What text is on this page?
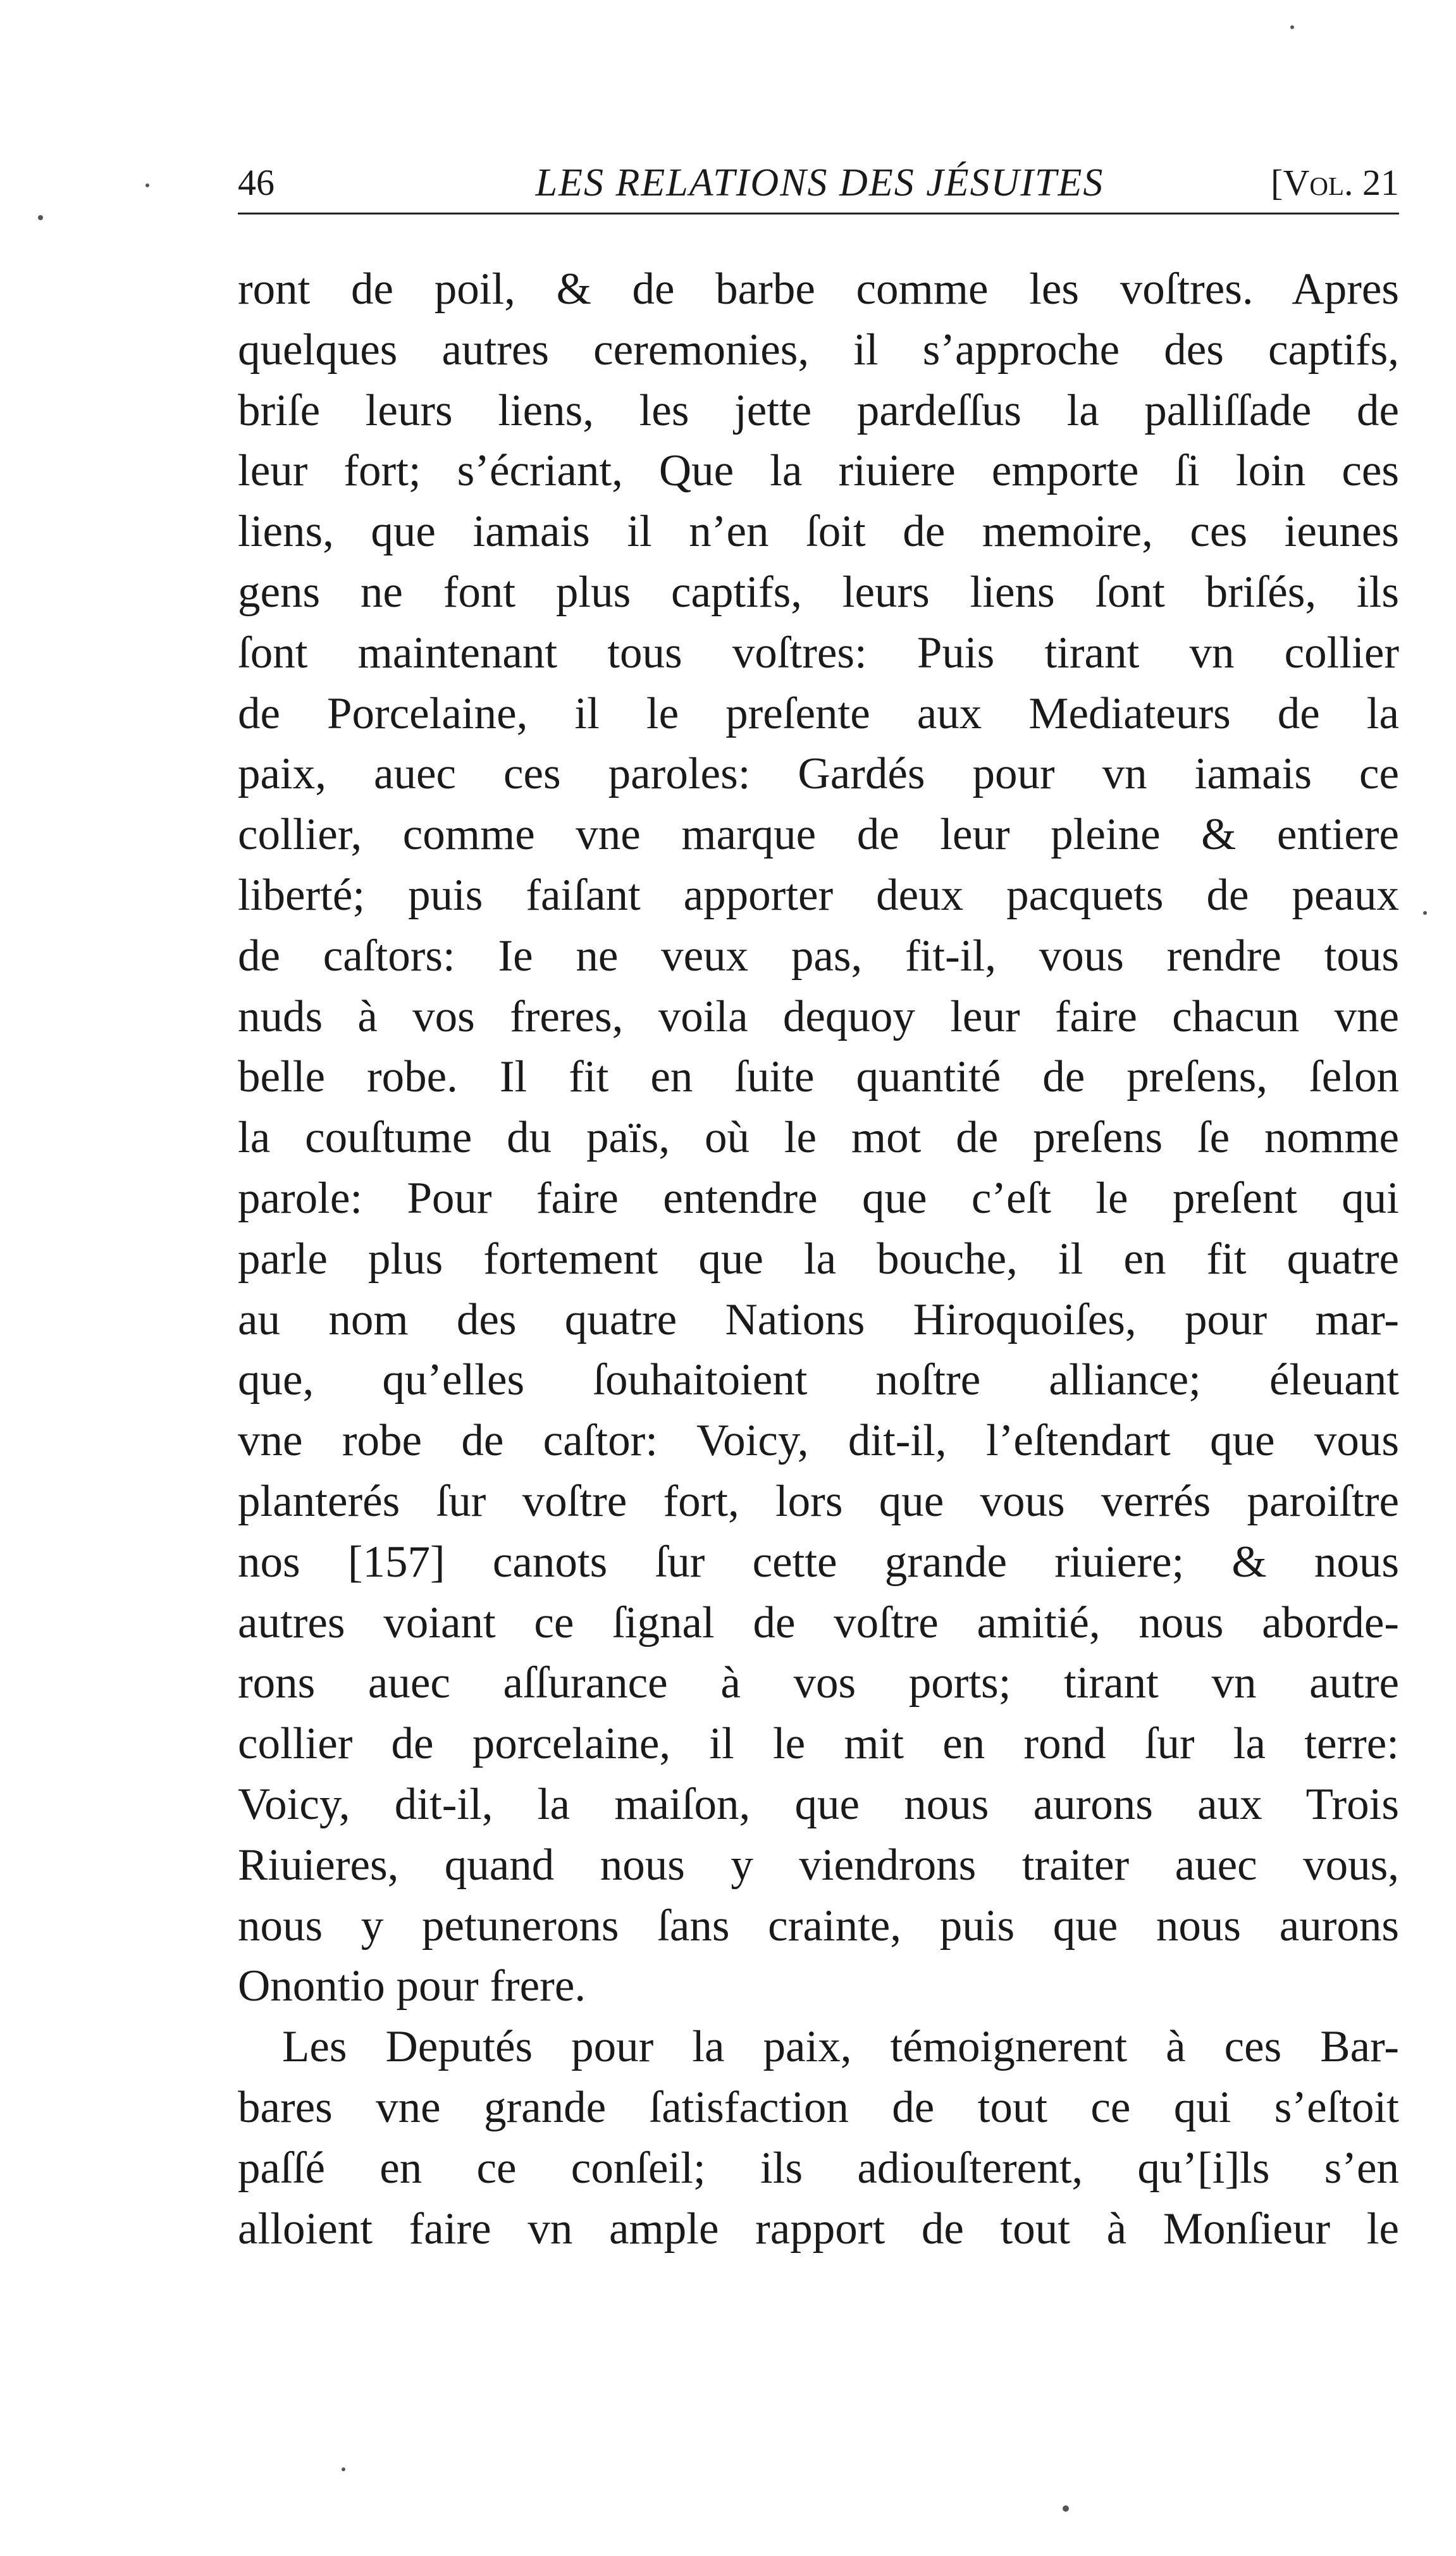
46	LES RELATIONS DES JÉSUITES	[Vol. 21
ront de poil, & de barbe comme les voſtres. Apres
quelques autres ceremonies, il s’approche des captifs,
briſe leurs liens, les jette pardeſſus la palliſſade de
leur fort; s’écriant, Que la riuiere emporte ſi loin ces
liens, que iamais il n’en ſoit de memoire, ces ieunes
gens ne font plus captifs, leurs liens ſont briſés, ils
ſont maintenant tous voſtres: Puis tirant vn collier
de Porcelaine, il le preſente aux Mediateurs de la
paix, auec ces paroles: Gardés pour vn iamais ce
collier, comme vne marque de leur pleine & entiere
liberté; puis faiſant apporter deux pacquets de peaux
de caſtors: Ie ne veux pas, fit-il, vous rendre tous
nuds à vos freres, voila dequoy leur faire chacun vne
belle robe. Il fit en ſuite quantité de preſens, ſelon
la couſtume du païs, où le mot de preſens ſe nomme
parole: Pour faire entendre que c’eſt le preſent qui
parle plus fortement que la bouche, il en fit quatre
au nom des quatre Nations Hiroquoiſes, pour mar-
que, qu’elles ſouhaitoient noſtre alliance; éleuant
vne robe de caſtor: Voicy, dit-il, l’eſtendart que vous
planterés ſur voſtre fort, lors que vous verrés paroiſtre
nos [157] canots ſur cette grande riuiere; & nous
autres voiant ce ſignal de voſtre amitié, nous aborde-
rons auec aſſurance à vos ports; tirant vn autre
collier de porcelaine, il le mit en rond ſur la terre:
Voicy, dit-il, la maiſon, que nous aurons aux Trois
Riuieres, quand nous y viendrons traiter auec vous,
nous y petunerons ſans crainte, puis que nous aurons
Onontio pour frere.
Les Deputés pour la paix, témoignerent à ces Bar-
bares vne grande ſatisfaction de tout ce qui s’eſtoit
paſſé en ce conſeil; ils adiouſterent, qu’[i]ls s’en
alloient faire vn ample rapport de tout à Monſieur le
